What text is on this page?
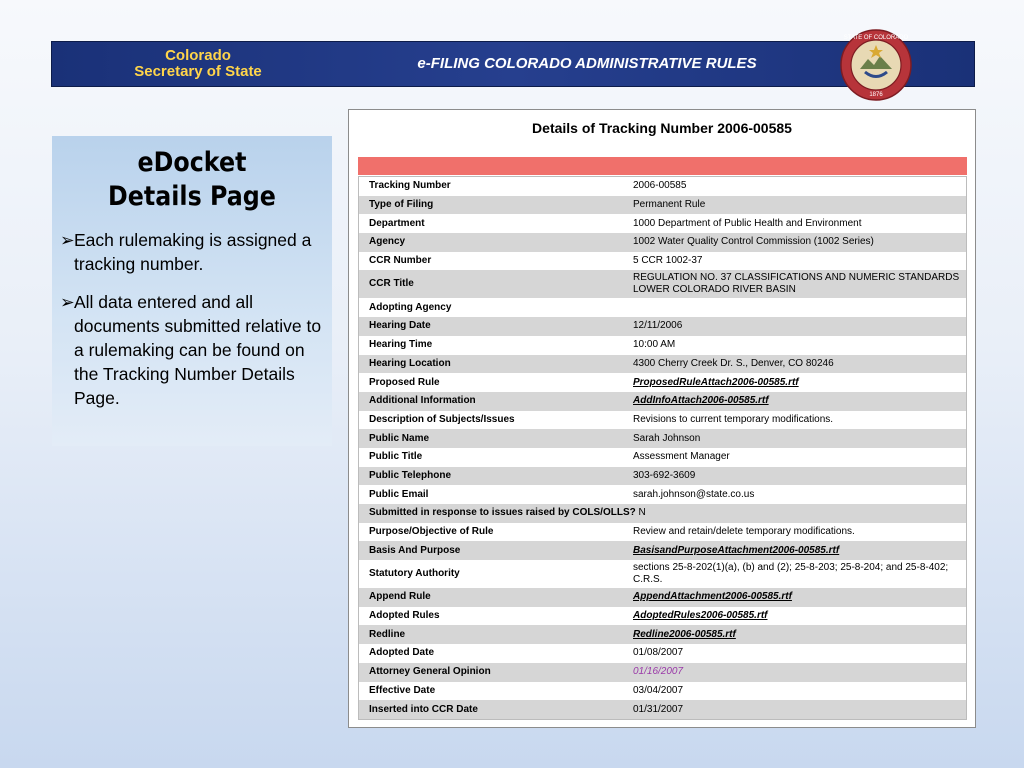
Colorado
Secretary of State	e-FILING COLORADO ADMINISTRATIVE RULES
STATE OF COLORADO
1876
eDocket
Details Page
➢ Each rulemaking is assigned a tracking number.
➢ All data entered and all documents submitted relative to a rulemaking can be found on the Tracking Number Details Page.
Details of Tracking Number 2006-00585
Tracking Number	2006-00585
Type of Filing	Permanent Rule
Department	1000 Department of Public Health and Environment
Agency	1002 Water Quality Control Commission (1002 Series)
CCR Number	5 CCR 1002-37
CCR Title	REGULATION NO. 37 CLASSIFICATIONS AND NUMERIC STANDARDS LOWER COLORADO RIVER BASIN
Adopting Agency	
Hearing Date	12/11/2006
Hearing Time	10:00 AM
Hearing Location	4300 Cherry Creek Dr. S., Denver, CO 80246
Proposed Rule	ProposedRuleAttach2006-00585.rtf
Additional Information	AddInfoAttach2006-00585.rtf
Description of Subjects/Issues	Revisions to current temporary modifications.
Public Name	Sarah Johnson
Public Title	Assessment Manager
Public Telephone	303-692-3609
Public Email	sarah.johnson@state.co.us
Submitted in response to issues raised by COLS/OLLS? N	
Purpose/Objective of Rule	Review and retain/delete temporary modifications.
Basis And Purpose	BasisandPurposeAttachment2006-00585.rtf
Statutory Authority	sections 25-8-202(1)(a), (b) and (2); 25-8-203; 25-8-204; and 25-8-402; C.R.S.
Append Rule	AppendAttachment2006-00585.rtf
Adopted Rules	AdoptedRules2006-00585.rtf
Redline	Redline2006-00585.rtf
Adopted Date	01/08/2007
Attorney General Opinion	01/16/2007
Effective Date	03/04/2007
Inserted into CCR Date	01/31/2007
